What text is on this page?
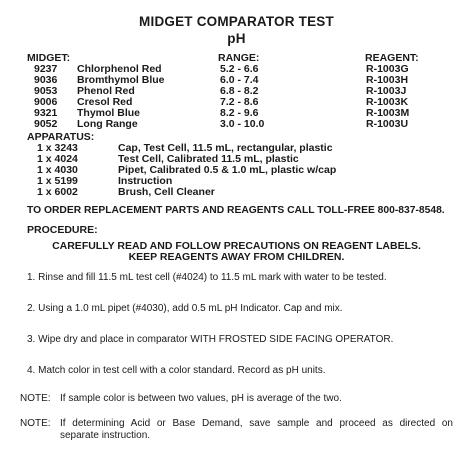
MIDGET COMPARATOR TEST
pH
MIDGET:	RANGE:	REAGENT:
9237 Chlorphenol Red	5.2 - 6.6	R-1003G
9036 Bromthymol Blue	6.0 - 7.4	R-1003H
9053 Phenol Red	6.8 - 8.2	R-1003J
9006 Cresol Red	7.2 - 8.6	R-1003K
9321 Thymol Blue	8.2 - 9.6	R-1003M
9052 Long Range	3.0 - 10.0	R-1003U
APPARATUS:
1 x 3243	Cap, Test Cell, 11.5 mL, rectangular, plastic
1 x 4024	Test Cell, Calibrated 11.5 mL, plastic
1 x 4030	Pipet, Calibrated 0.5 & 1.0 mL, plastic w/cap
1 x 5199	Instruction
1 x 6002	Brush, Cell Cleaner
TO ORDER REPLACEMENT PARTS AND REAGENTS CALL TOLL-FREE 800-837-8548.
PROCEDURE:
CAREFULLY READ AND FOLLOW PRECAUTIONS ON REAGENT LABELS.
KEEP REAGENTS AWAY FROM CHILDREN.
1. Rinse and fill 11.5 mL test cell (#4024) to 11.5 mL mark with water to be tested.
2. Using a 1.0 mL pipet (#4030), add 0.5 mL pH Indicator. Cap and mix.
3. Wipe dry and place in comparator WITH FROSTED SIDE FACING OPERATOR.
4. Match color in test cell with a color standard. Record as pH units.
NOTE: If sample color is between two values, pH is average of the two.
NOTE: If determining Acid or Base Demand, save sample and proceed as directed on
separate instruction.
